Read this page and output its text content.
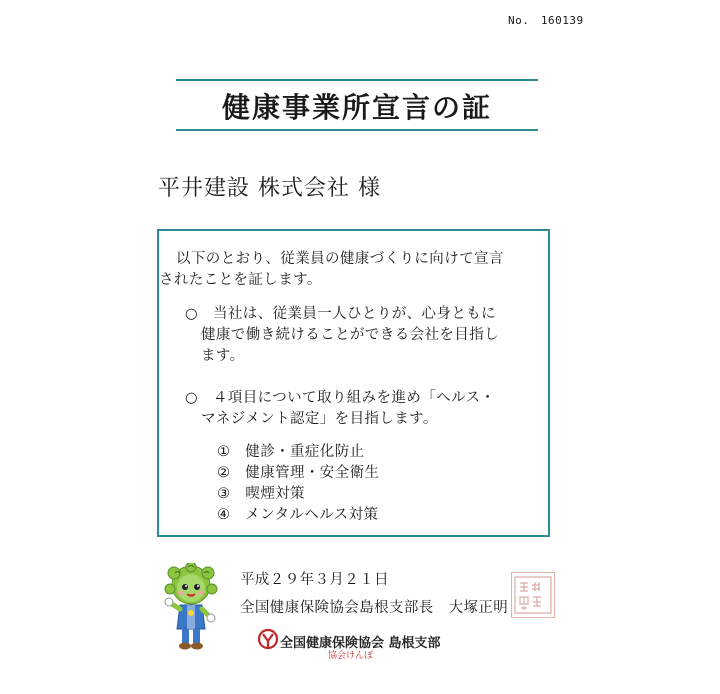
No.　160139
健康事業所宣言の証
平井建設 株式会社 様
以下のとおり、従業員の健康づくりに向けて宣言
されたことを証します。
○　当社は、従業員一人ひとりが、心身ともに
健康で働き続けることができる会社を目指し
ます。
○　４項目について取り組みを進め「ヘルス・
マネジメント認定」を目指します。
①　健診・重症化防止
②　健康管理・安全衛生
③　喫煙対策
④　メンタルヘルス対策
平成２９年３月２１日
全国健康保険協会島根支部長　大塚正明
全国健康保険協会 島根支部
協会けんぽ
